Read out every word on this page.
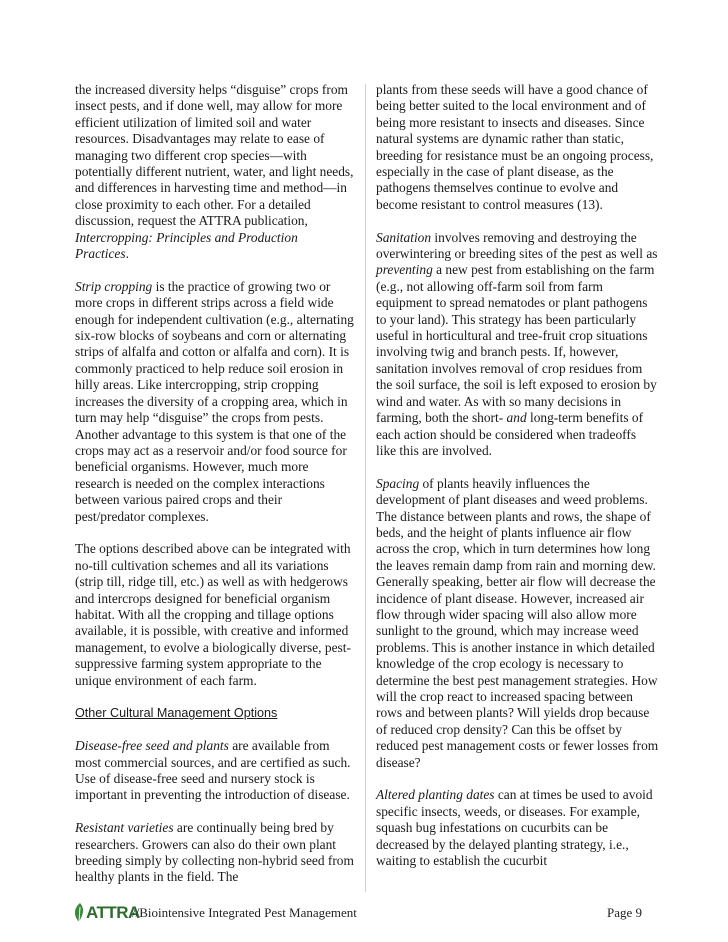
the increased diversity helps “disguise” crops from insect pests, and if done well, may allow for more efficient utilization of limited soil and water resources. Disadvantages may relate to ease of managing two different crop species—with potentially different nutrient, water, and light needs, and differences in harvesting time and method—in close proximity to each other. For a detailed discussion, request the ATTRA publication, Intercropping: Principles and Production Practices.

Strip cropping is the practice of growing two or more crops in different strips across a field wide enough for independent cultivation (e.g., alternating six-row blocks of soybeans and corn or alternating strips of alfalfa and cotton or alfalfa and corn). It is commonly practiced to help reduce soil erosion in hilly areas. Like intercropping, strip cropping increases the diversity of a cropping area, which in turn may help “disguise” the crops from pests. Another advantage to this system is that one of the crops may act as a reservoir and/or food source for beneficial organisms. However, much more research is needed on the complex interactions between various paired crops and their pest/predator complexes.

The options described above can be integrated with no-till cultivation schemes and all its variations (strip till, ridge till, etc.) as well as with hedgerows and intercrops designed for beneficial organism habitat. With all the cropping and tillage options available, it is possible, with creative and informed management, to evolve a biologically diverse, pest-suppressive farming system appropriate to the unique environment of each farm.

Other Cultural Management Options

Disease-free seed and plants are available from most commercial sources, and are certified as such. Use of disease-free seed and nursery stock is important in preventing the introduction of disease.

Resistant varieties are continually being bred by researchers. Growers can also do their own plant breeding simply by collecting non-hybrid seed from healthy plants in the field. The

plants from these seeds will have a good chance of being better suited to the local environment and of being more resistant to insects and diseases. Since natural systems are dynamic rather than static, breeding for resistance must be an ongoing process, especially in the case of plant disease, as the pathogens themselves continue to evolve and become resistant to control measures (13).

Sanitation involves removing and destroying the overwintering or breeding sites of the pest as well as preventing a new pest from establishing on the farm (e.g., not allowing off-farm soil from farm equipment to spread nematodes or plant pathogens to your land). This strategy has been particularly useful in horticultural and tree-fruit crop situations involving twig and branch pests. If, however, sanitation involves removal of crop residues from the soil surface, the soil is left exposed to erosion by wind and water. As with so many decisions in farming, both the short- and long-term benefits of each action should be considered when tradeoffs like this are involved.

Spacing of plants heavily influences the development of plant diseases and weed problems. The distance between plants and rows, the shape of beds, and the height of plants influence air flow across the crop, which in turn determines how long the leaves remain damp from rain and morning dew. Generally speaking, better air flow will decrease the incidence of plant disease. However, increased air flow through wider spacing will also allow more sunlight to the ground, which may increase weed problems. This is another instance in which detailed knowledge of the crop ecology is necessary to determine the best pest management strategies. How will the crop react to increased spacing between rows and between plants? Will yields drop because of reduced crop density? Can this be offset by reduced pest management costs or fewer losses from disease?

Altered planting dates can at times be used to avoid specific insects, weeds, or diseases. For example, squash bug infestations on cucurbits can be decreased by the delayed planting strategy, i.e., waiting to establish the cucurbit

ATTRA
//Biointensive Integrated Pest Management	Page 9
